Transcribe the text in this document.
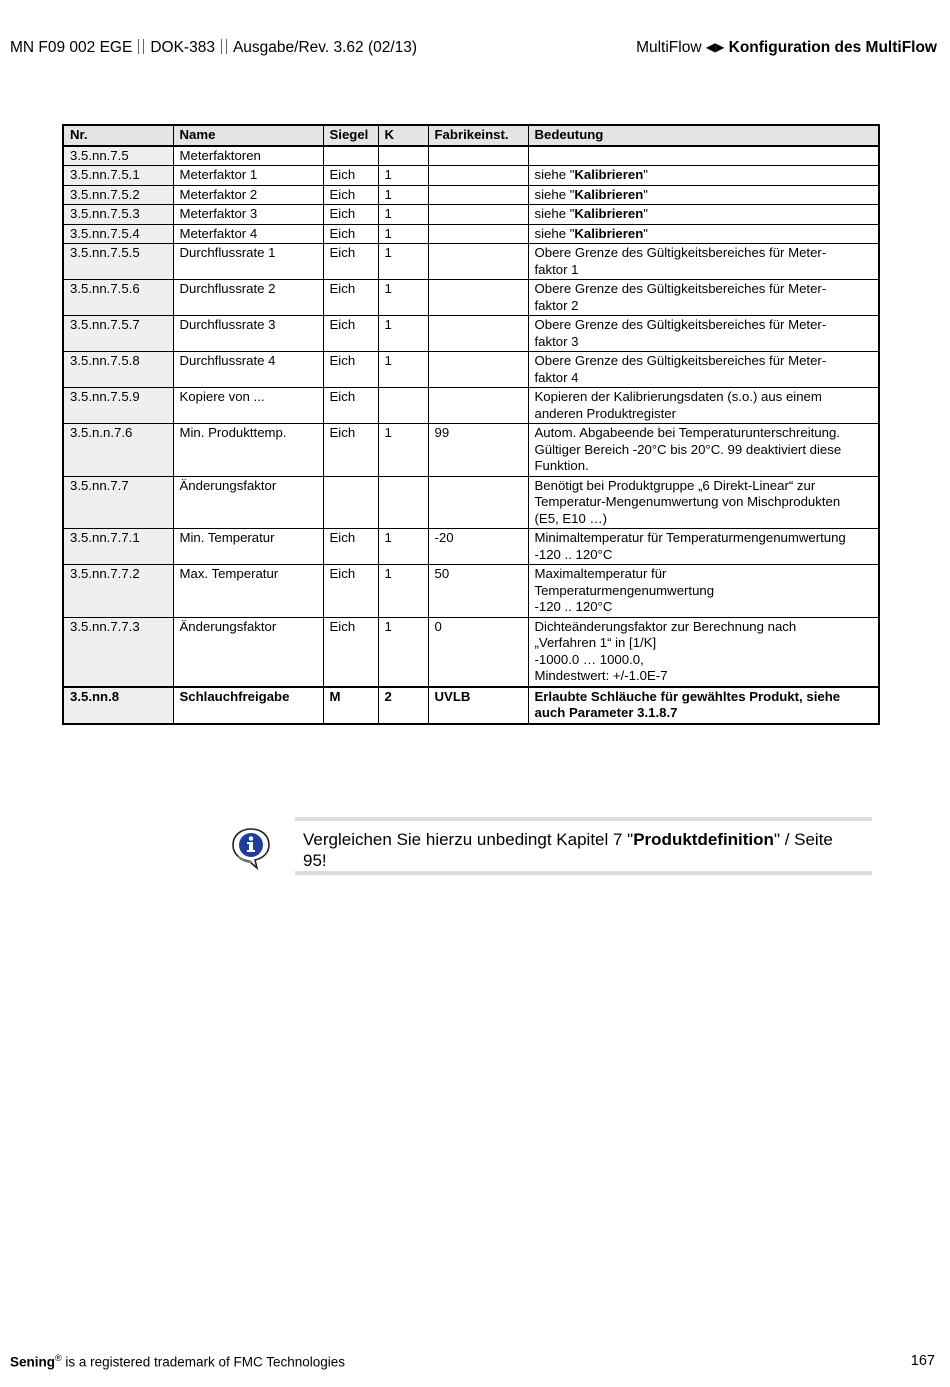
MN F09 002 EGE DOK-383 Ausgabe/Rev. 3.62 (02/13)	MultiFlow ◀▶ Konfiguration des MultiFlow
Nr.	Name	Siegel	K	Fabrikeinst.	Bedeutung
3.5.nn.7.5	Meterfaktoren				
3.5.nn.7.5.1	Meterfaktor 1	Eich	1		siehe "Kalibrieren"
3.5.nn.7.5.2	Meterfaktor 2	Eich	1		siehe "Kalibrieren"
3.5.nn.7.5.3	Meterfaktor 3	Eich	1		siehe "Kalibrieren"
3.5.nn.7.5.4	Meterfaktor 4	Eich	1		siehe "Kalibrieren"
3.5.nn.7.5.5	Durchflussrate 1	Eich	1		Obere Grenze des Gültigkeitsbereiches für Meter-
faktor 1
3.5.nn.7.5.6	Durchflussrate 2	Eich	1		Obere Grenze des Gültigkeitsbereiches für Meter-
faktor 2
3.5.nn.7.5.7	Durchflussrate 3	Eich	1		Obere Grenze des Gültigkeitsbereiches für Meter-
faktor 3
3.5.nn.7.5.8	Durchflussrate 4	Eich	1		Obere Grenze des Gültigkeitsbereiches für Meter-
faktor 4
3.5.nn.7.5.9	Kopiere von ...	Eich			Kopieren der Kalibrierungsdaten (s.o.) aus einem
anderen Produktregister
3.5.n.n.7.6	Min. Produkttemp.	Eich	1	99	Autom. Abgabeende bei Temperaturunterschreitung.
Gültiger Bereich -20°C bis 20°C. 99 deaktiviert diese
Funktion.
3.5.nn.7.7	Änderungsfaktor				Benötigt bei Produktgruppe „6 Direkt-Linear“ zur
Temperatur-Mengenumwertung von Mischprodukten
(E5, E10 …)
3.5.nn.7.7.1	Min. Temperatur	Eich	1	-20	Minimaltemperatur für Temperaturmengenumwertung
-120 .. 120°C
3.5.nn.7.7.2	Max. Temperatur	Eich	1	50	Maximaltemperatur für
Temperaturmengenumwertung
-120 .. 120°C
3.5.nn.7.7.3	Änderungsfaktor	Eich	1	0	Dichteänderungsfaktor zur Berechnung nach
„Verfahren 1“ in [1/K]
-1000.0 … 1000.0,
Mindestwert: +/-1.0E-7
3.5.nn.8	Schlauchfreigabe	M	2	UVLB	Erlaubte Schläuche für gewähltes Produkt, siehe
auch Parameter 3.1.8.7
Vergleichen Sie hierzu unbedingt Kapitel 7 "Produktdefinition" / Seite
95!
Sening® is a registered trademark of FMC Technologies	167
